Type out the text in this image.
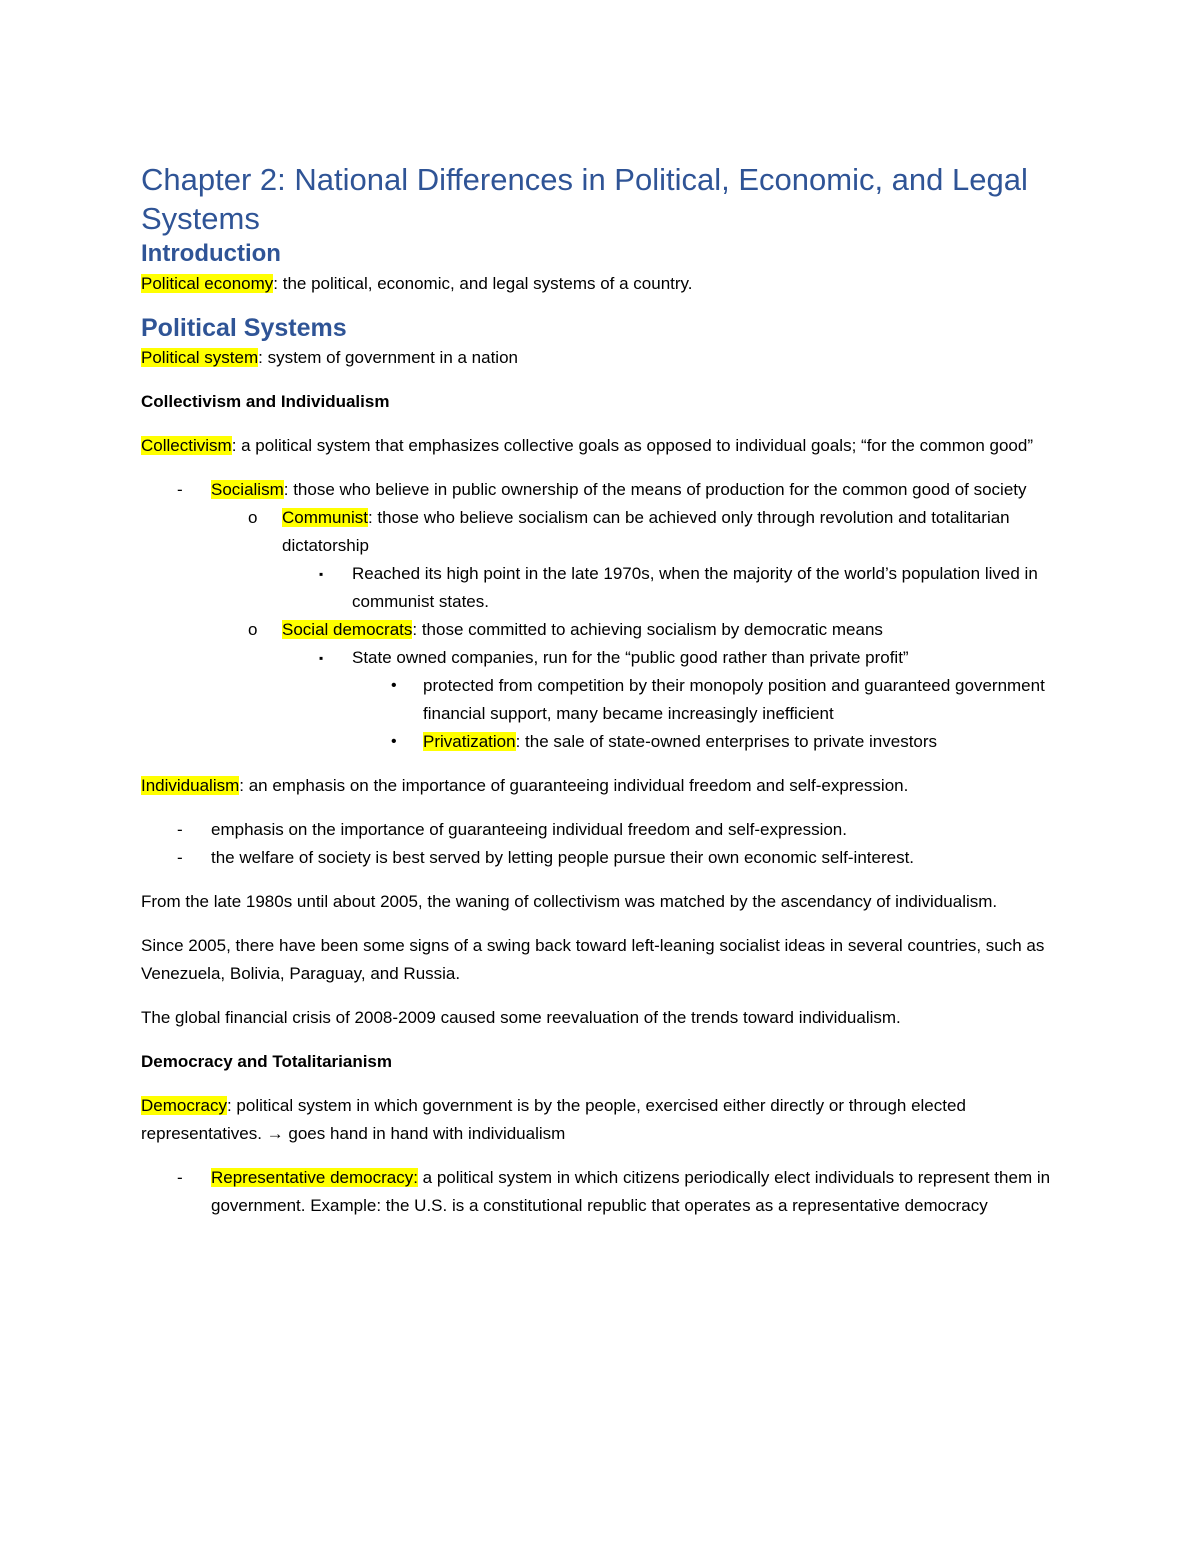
Chapter 2: National Differences in Political, Economic, and Legal Systems
Introduction

Political economy: the political, economic, and legal systems of a country.

Political Systems

Political system: system of government in a nation

Collectivism and Individualism

Collectivism: a political system that emphasizes collective goals as opposed to individual goals; “for the common good”

- Socialism: those who believe in public ownership of the means of production for the common good of society
o Communist: those who believe socialism can be achieved only through revolution and totalitarian dictatorship
▪ Reached its high point in the late 1970s, when the majority of the world’s population lived in communist states.
o Social democrats: those committed to achieving socialism by democratic means
▪ State owned companies, run for the “public good rather than private profit”
• protected from competition by their monopoly position and guaranteed government financial support, many became increasingly inefficient
• Privatization: the sale of state-owned enterprises to private investors

Individualism: an emphasis on the importance of guaranteeing individual freedom and self-expression.

- emphasis on the importance of guaranteeing individual freedom and self-expression.
- the welfare of society is best served by letting people pursue their own economic self-interest.

From the late 1980s until about 2005, the waning of collectivism was matched by the ascendancy of individualism.

Since 2005, there have been some signs of a swing back toward left-leaning socialist ideas in several countries, such as Venezuela, Bolivia, Paraguay, and Russia.

The global financial crisis of 2008-2009 caused some reevaluation of the trends toward individualism.

Democracy and Totalitarianism

Democracy: political system in which government is by the people, exercised either directly or through elected representatives. → goes hand in hand with individualism

- Representative democracy: a political system in which citizens periodically elect individuals to represent them in government. Example: the U.S. is a constitutional republic that operates as a representative democracy
